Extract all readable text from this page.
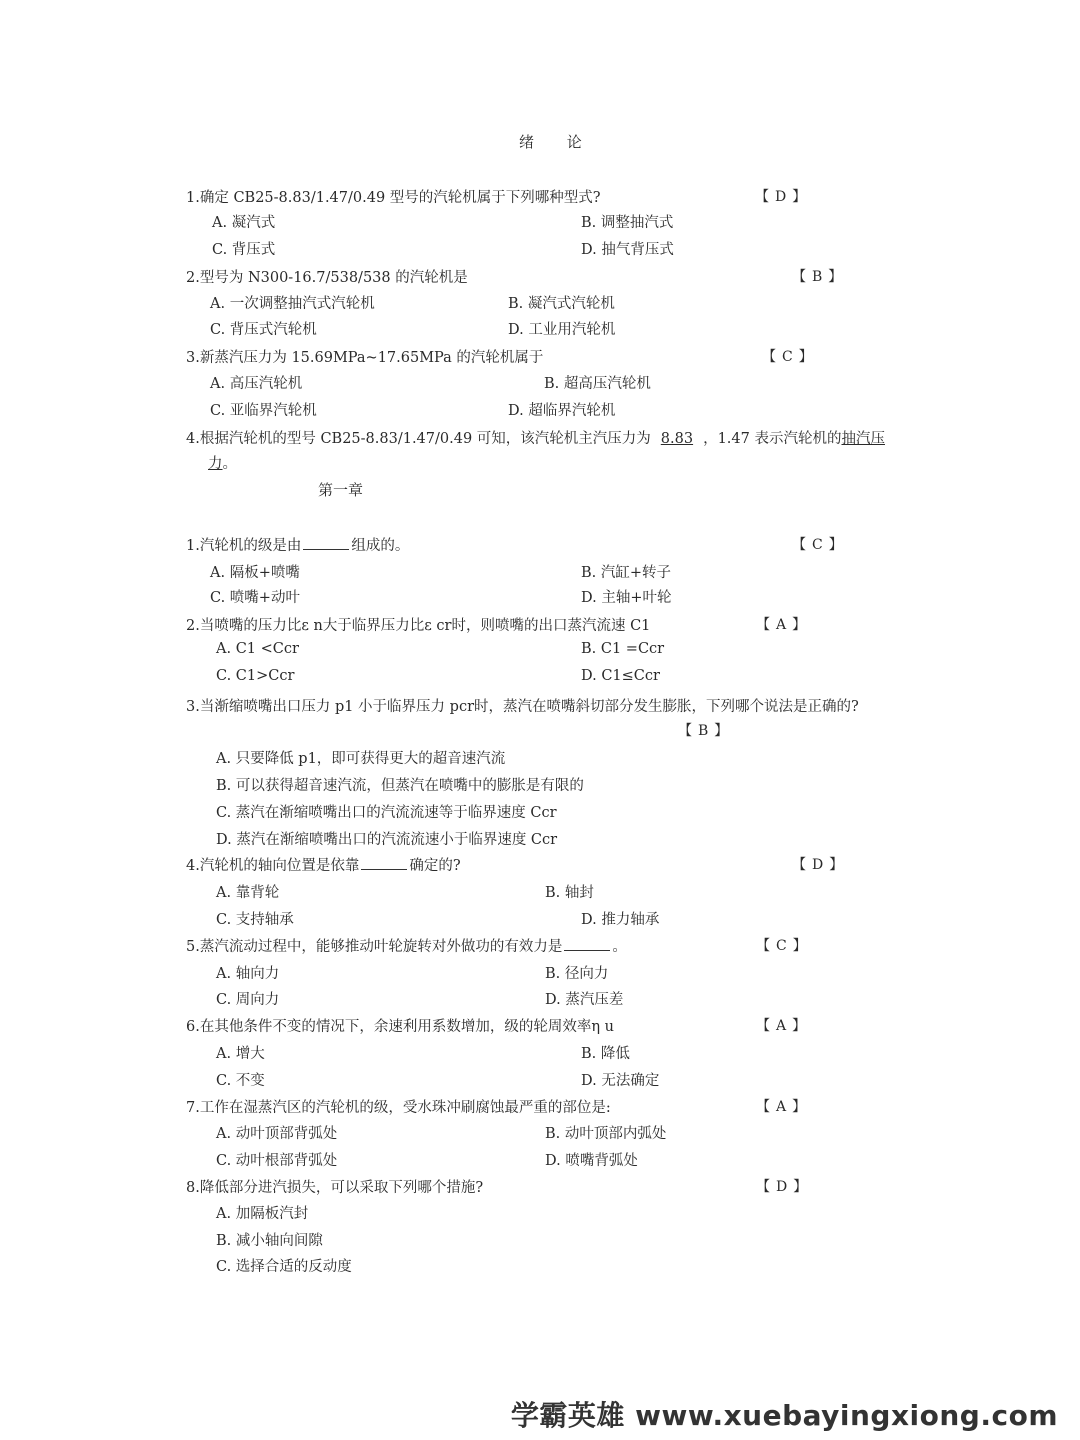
绪 论
1.确定 CB25-8.83/1.47/0.49 型号的汽轮机属于下列哪种型式?	【D】
A. 凝汽式	B. 调整抽汽式
C. 背压式	D. 抽气背压式
2.型号为 N300-16.7/538/538 的汽轮机是	【B】
A. 一次调整抽汽式汽轮机	B. 凝汽式汽轮机
C. 背压式汽轮机	D. 工业用汽轮机
3.新蒸汽压力为 15.69MPa~17.65MPa 的汽轮机属于	【C】
A. 高压汽轮机	B. 超高压汽轮机
C. 亚临界汽轮机	D. 超临界汽轮机
4.根据汽轮机的型号 CB25-8.83/1.47/0.49 可知，该汽轮机主汽压力为 8.83 ，1.47 表示汽轮机的抽汽压
力。
第一章
1.汽轮机的级是由	组成的。	【C】
A. 隔板+喷嘴	B. 汽缸+转子
C. 喷嘴+动叶	D. 主轴+叶轮
2.当喷嘴的压力比ε n大于临界压力比ε cr时，则喷嘴的出口蒸汽流速 C1	【A】
A. C1 <Ccr	B. C1 =Ccr
C. C1>Ccr	D. C1≤Ccr
3.当渐缩喷嘴出口压力 p1 小于临界压力 pcr时，蒸汽在喷嘴斜切部分发生膨胀，下列哪个说法是正确的?
【B】
A. 只要降低 p1，即可获得更大的超音速汽流
B. 可以获得超音速汽流，但蒸汽在喷嘴中的膨胀是有限的
C. 蒸汽在渐缩喷嘴出口的汽流流速等于临界速度 Ccr
D. 蒸汽在渐缩喷嘴出口的汽流流速小于临界速度 Ccr
4.汽轮机的轴向位置是依靠	确定的?	【D】
A. 靠背轮	B. 轴封
C. 支持轴承	D. 推力轴承
5.蒸汽流动过程中，能够推动叶轮旋转对外做功的有效力是	。	【C】
A. 轴向力	B. 径向力
C. 周向力	D. 蒸汽压差
6.在其他条件不变的情况下，余速利用系数增加，级的轮周效率η u	【A】
A. 增大	B. 降低
C. 不变	D. 无法确定
7.工作在湿蒸汽区的汽轮机的级，受水珠冲刷腐蚀最严重的部位是:	【A】
A. 动叶顶部背弧处	B. 动叶顶部内弧处
C. 动叶根部背弧处	D. 喷嘴背弧处
8.降低部分进汽损失，可以采取下列哪个措施?	【D】
A. 加隔板汽封
B. 减小轴向间隙
C. 选择合适的反动度
学霸英雄 www.xuebayingxiong.com
